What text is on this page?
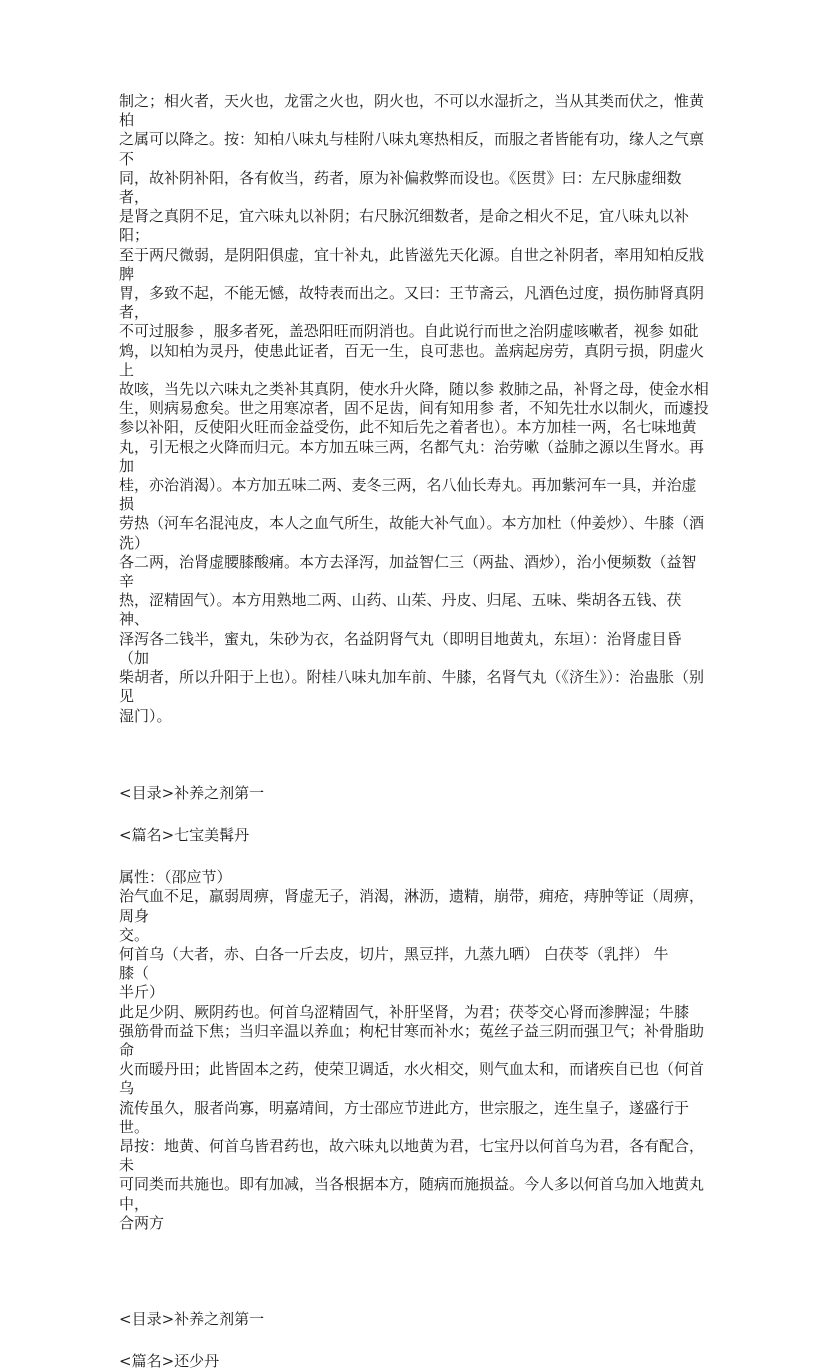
制之；相火者，天火也，龙雷之火也，阴火也，不可以水湿折之，当从其类而伏之，惟黄柏

之属可以降之。按：知柏八味丸与桂附八味丸寒热相反，而服之者皆能有功，缘人之气禀不

同，故补阴补阳，各有攸当，药者，原为补偏救弊而设也。《医贯》曰：左尺脉虚细数者，

是肾之真阴不足，宜六味丸以补阴；右尺脉沉细数者，是命之相火不足，宜八味丸以补阳；

至于两尺微弱，是阴阳俱虚，宜十补丸，此皆滋先天化源。自世之补阴者，率用知柏反戕脾

胃，多致不起，不能无憾，故特表而出之。又曰：王节斋云，凡酒色过度，损伤肺肾真阴者，

不可过服参 ，服多者死，盖恐阳旺而阴消也。自此说行而世之治阴虚咳嗽者，视参 如砒

鸩，以知柏为灵丹，使患此证者，百无一生，良可悲也。盖病起房劳，真阴亏损，阴虚火上

故咳，当先以六味丸之类补其真阴，使水升火降，随以参 救肺之品，补肾之母，使金水相

生，则病易愈矣。世之用寒凉者，固不足齿，间有知用参 者，不知先壮水以制火，而遽投

参以补阳，反使阳火旺而金益受伤，此不知后先之着者也）。本方加桂一两，名七味地黄

丸，引无根之火降而归元。本方加五味三两，名都气丸：治劳嗽（益肺之源以生肾水。再加

桂，亦治消渴）。本方加五味二两、麦冬三两，名八仙长寿丸。再加紫河车一具，并治虚损

劳热（河车名混沌皮，本人之血气所生，故能大补气血）。本方加杜（仲姜炒）、牛膝（酒洗）

各二两，治肾虚腰膝酸痛。本方去泽泻，加益智仁三（两盐、酒炒），治小便频数（益智辛

热，涩精固气）。本方用熟地二两、山药、山茱、丹皮、归尾、五味、柴胡各五钱、茯神、

泽泻各二钱半，蜜丸，朱砂为衣，名益阴肾气丸（即明目地黄丸，东垣）：治肾虚目昏（加

柴胡者，所以升阳于上也）。附桂八味丸加车前、牛膝，名肾气丸（《济生》）：治蛊胀（别见

湿门）。

<目录>补养之剂第一

<篇名>七宝美髯丹

属性：（邵应节）

治气血不足，羸弱周痹，肾虚无子，消渴，淋沥，遗精，崩带，痈疮，痔肿等证（周痹，

周身

交。

何首乌（大者，赤、白各一斤去皮，切片，黑豆拌，九蒸九晒） 白茯苓（乳拌） 牛

膝（

半斤）

此足少阴、厥阴药也。何首乌涩精固气，补肝坚肾，为君；茯苓交心肾而渗脾湿；牛膝

强筋骨而益下焦；当归辛温以养血；枸杞甘寒而补水；菟丝子益三阴而强卫气；补骨脂助命

火而暖丹田；此皆固本之药，使荣卫调适，水火相交，则气血太和，而诸疾自已也（何首乌

流传虽久，服者尚寡，明嘉靖间，方士邵应节进此方，世宗服之，连生皇子，遂盛行于世。

昂按：地黄、何首乌皆君药也，故六味丸以地黄为君，七宝丹以何首乌为君，各有配合，未

可同类而共施也。即有加减，当各根据本方，随病而施损益。今人多以何首乌加入地黄丸中，

合两方

<目录>补养之剂第一

<篇名>还少丹
